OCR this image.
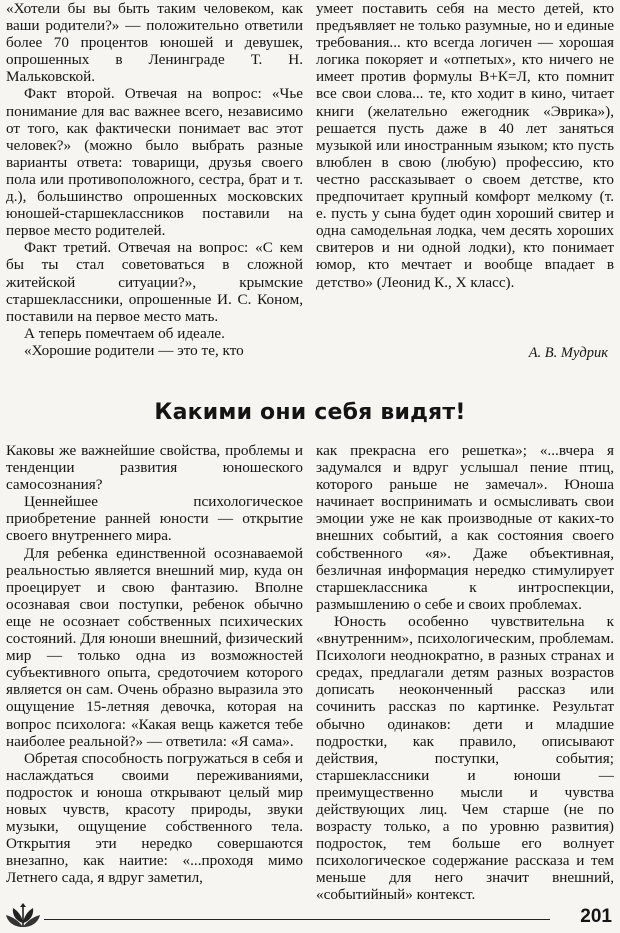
«Хотели бы вы быть таким человеком, как ваши родители?» — положительно ответили более 70 процентов юношей и девушек, опрошенных в Ленинграде Т. Н. Мальковской.

Факт второй. Отвечая на вопрос: «Чье понимание для вас важнее всего, независимо от того, как фактически понимает вас этот человек?» (можно было выбрать разные варианты ответа: товарищи, друзья своего пола или противоположного, сестра, брат и т. д.), большинство опрошенных московских юношей-старшеклассников поставили на первое место родителей.

Факт третий. Отвечая на вопрос: «С кем бы ты стал советоваться в сложной житейской ситуации?», крымские старшеклассники, опрошенные И. С. Коном, поставили на первое место мать.

А теперь помечтаем об идеале.

«Хорошие родители — это те, кто

умеет поставить себя на место детей, кто предъявляет не только разумные, но и единые требования... кто всегда логичен — хорошая логика покоряет и «отпетых», кто ничего не имеет против формулы В+К=Л, кто помнит все свои слова... те, кто ходит в кино, читает книги (желательно ежегодник «Эврика»), решается пусть даже в 40 лет заняться музыкой или иностранным языком; кто пусть влюблен в свою (любую) профессию, кто честно рассказывает о своем детстве, кто предпочитает крупный комфорт мелкому (т. е. пусть у сына будет один хороший свитер и одна самодельная лодка, чем десять хороших свитеров и ни одной лодки), кто понимает юмор, кто мечтает и вообще впадает в детство» (Леонид К., X класс).

А. В. Мудрик
Какими они себя видят!

Каковы же важнейшие свойства, проблемы и тенденции развития юношеского самосознания?

Ценнейшее психологическое приобретение ранней юности — открытие своего внутреннего мира.

Для ребенка единственной осознаваемой реальностью является внешний мир, куда он проецирует и свою фантазию. Вполне осознавая свои поступки, ребенок обычно еще не осознает собственных психических состояний. Для юноши внешний, физический мир — только одна из возможностей субъективного опыта, средоточием которого является он сам. Очень образно выразила это ощущение 15-летняя девочка, которая на вопрос психолога: «Какая вещь кажется тебе наиболее реальной?» — ответила: «Я сама».

Обретая способность погружаться в себя и наслаждаться своими переживаниями, подросток и юноша открывают целый мир новых чувств, красоту природы, звуки музыки, ощущение собственного тела. Открытия эти нередко совершаются внезапно, как наитие: «...проходя мимо Летнего сада, я вдруг заметил,

как прекрасна его решетка»; «...вчера я задумался и вдруг услышал пение птиц, которого раньше не замечал». Юноша начинает воспринимать и осмысливать свои эмоции уже не как производные от каких-то внешних событий, а как состояния своего собственного «я». Даже объективная, безличная информация нередко стимулирует старшеклассника к интроспекции, размышлению о себе и своих проблемах.

Юность особенно чувствительна к «внутренним», психологическим, проблемам. Психологи неоднократно, в разных странах и средах, предлагали детям разных возрастов дописать неоконченный рассказ или сочинить рассказ по картинке. Результат обычно одинаков: дети и младшие подростки, как правило, описывают действия, поступки, события; старшеклассники и юноши — преимущественно мысли и чувства действующих лиц. Чем старше (не по возрасту только, а по уровню развития) подросток, тем больше его волнует психологическое содержание рассказа и тем меньше для него значит внешний, «событийный» контекст.

201
